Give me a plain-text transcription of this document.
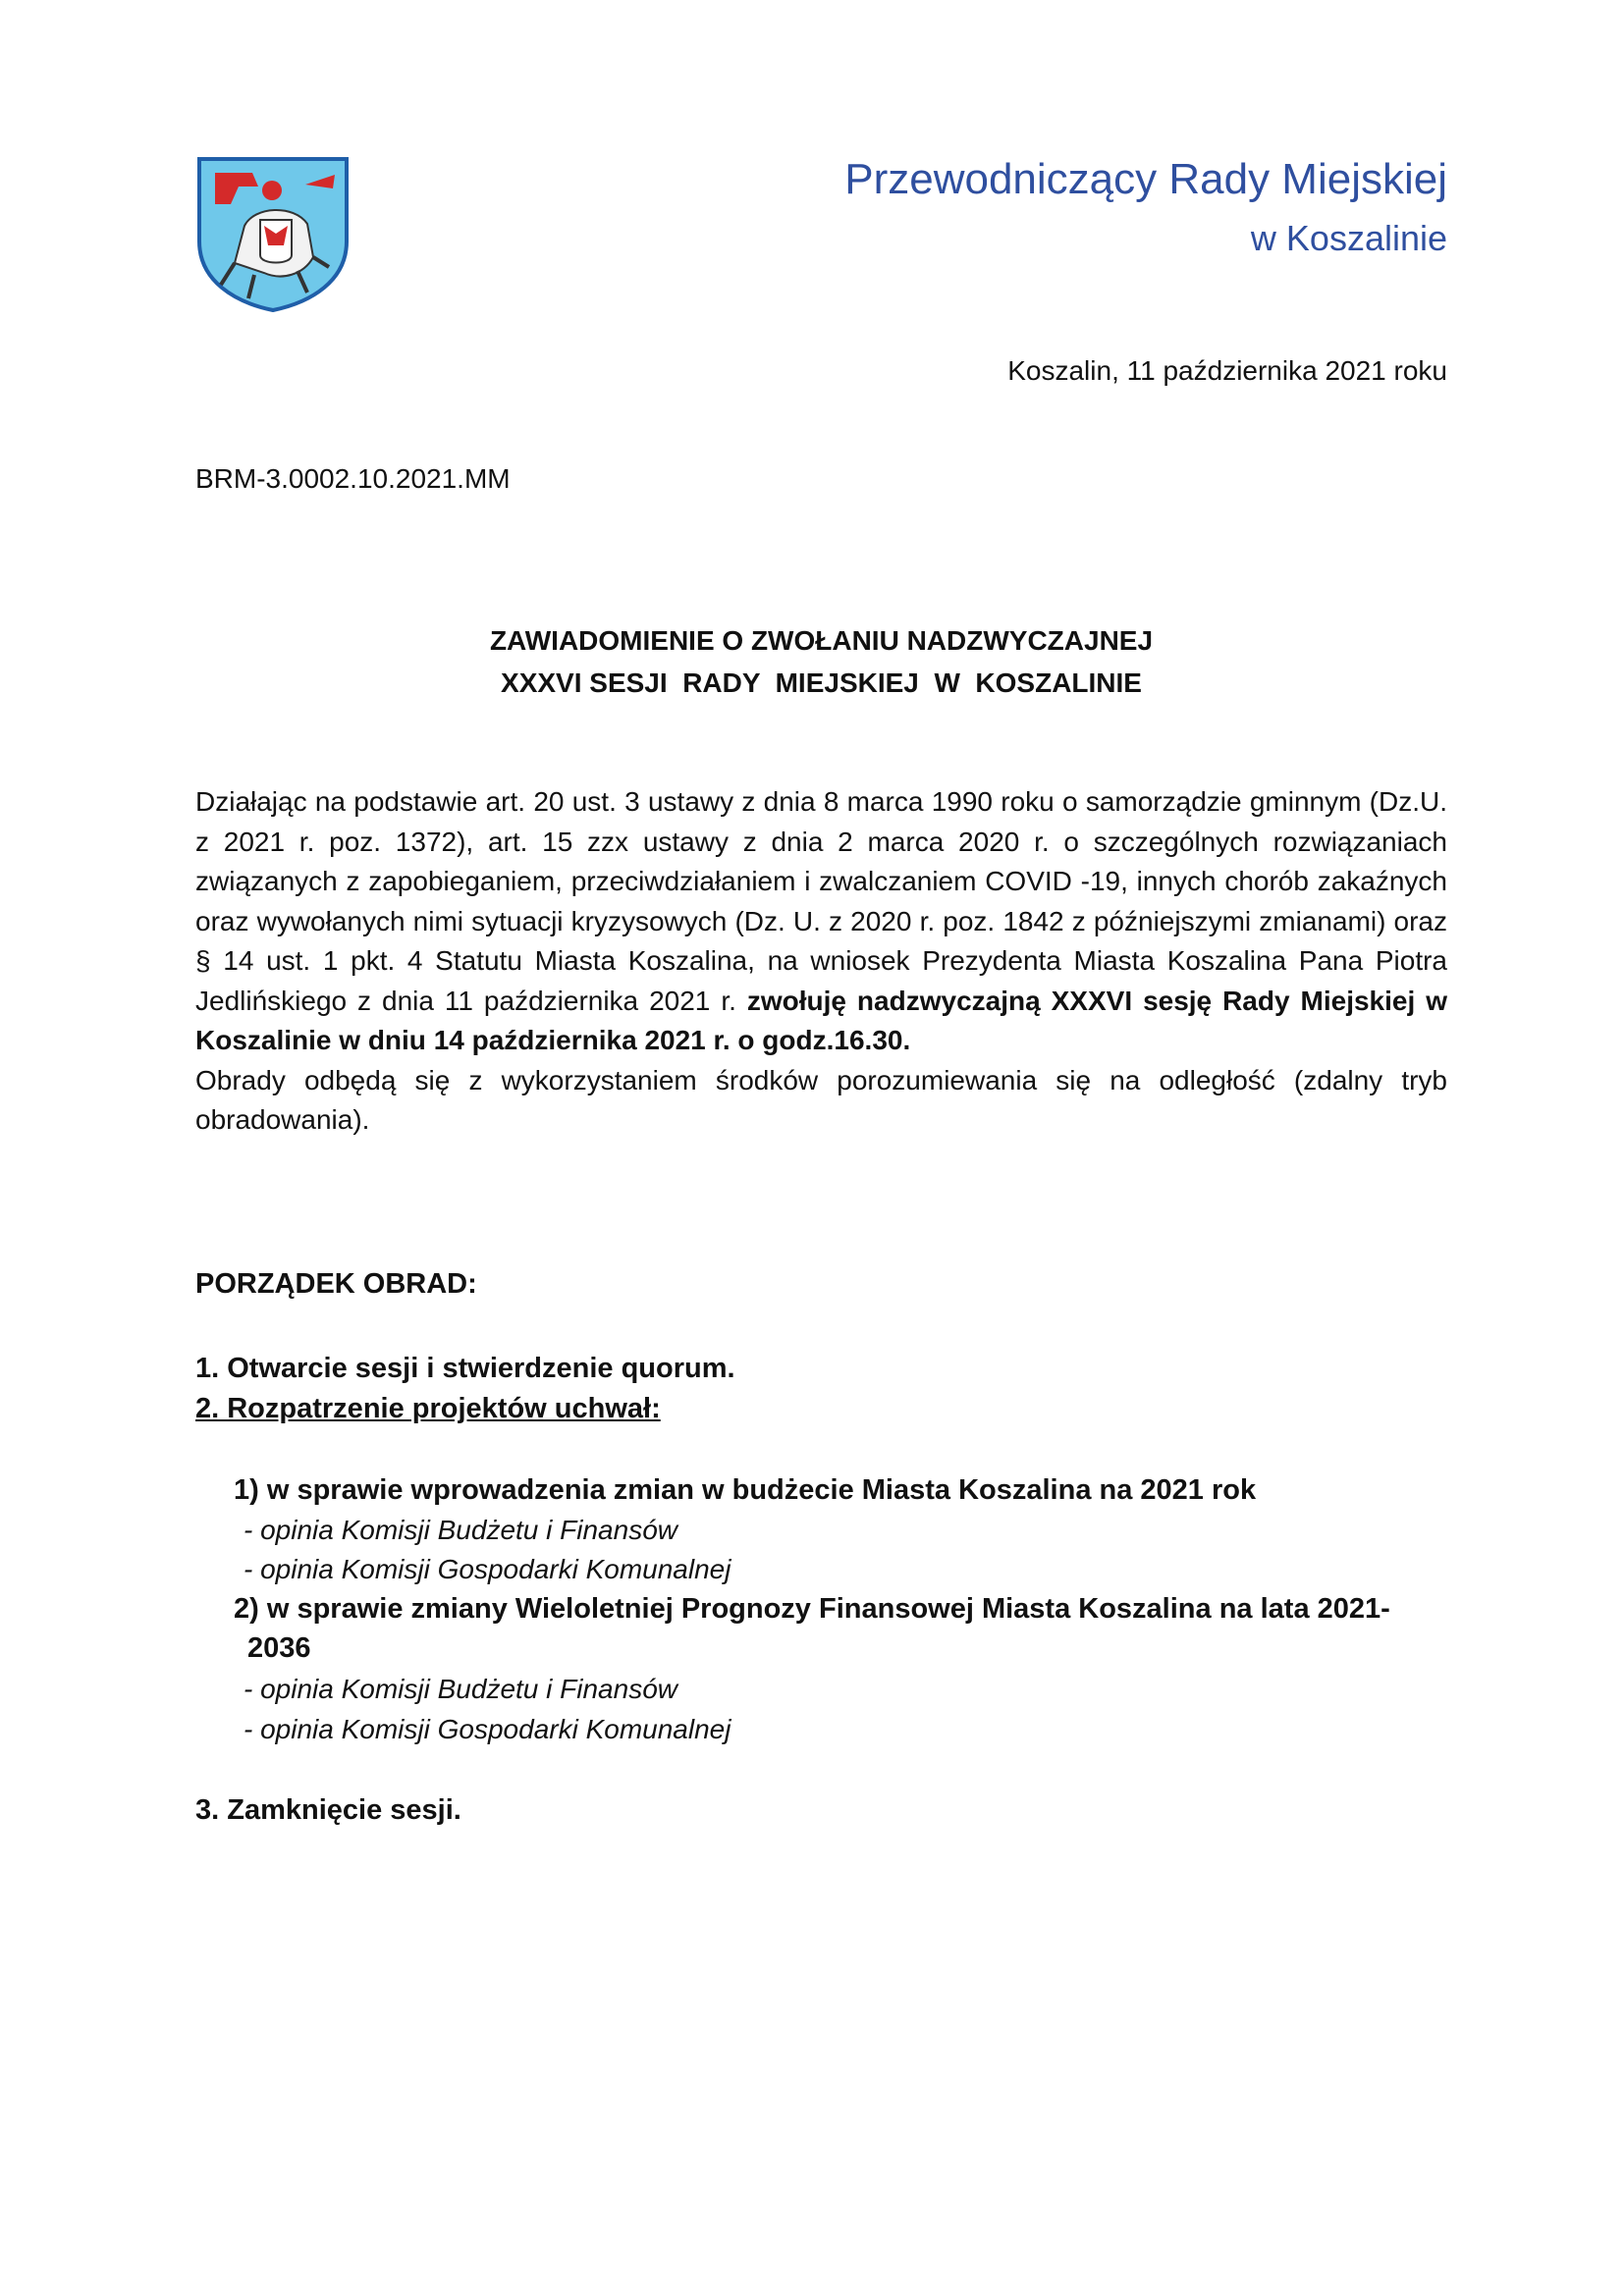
Przewodniczący Rady Miejskiej
w Koszalinie
Koszalin, 11 października 2021 roku
BRM-3.0002.10.2021.MM
ZAWIADOMIENIE O ZWOŁANIU NADZWYCZAJNEJ
XXXVI SESJI  RADY  MIEJSKIEJ  W  KOSZALINIE

Działając na podstawie art. 20 ust. 3 ustawy z dnia 8 marca 1990 roku o samorządzie gminnym (Dz.U. z 2021 r. poz. 1372), art. 15 zzx ustawy z dnia 2 marca 2020 r. o szczególnych rozwiązaniach związanych z zapobieganiem, przeciwdziałaniem i zwalczaniem COVID -19, innych chorób zakaźnych oraz wywołanych nimi sytuacji kryzysowych (Dz. U. z 2020 r. poz. 1842 z późniejszymi zmianami) oraz § 14 ust. 1 pkt. 4 Statutu Miasta Koszalina, na wniosek Prezydenta Miasta Koszalina Pana Piotra Jedlińskiego z dnia 11 października 2021 r. zwołuję nadzwyczajną XXXVI sesję Rady Miejskiej w Koszalinie w dniu 14 października 2021 r. o godz.16.30.

Obrady odbędą się z wykorzystaniem środków porozumiewania się na odległość (zdalny tryb obradowania).

PORZĄDEK OBRAD:
1. Otwarcie sesji i stwierdzenie quorum.
2. Rozpatrzenie projektów uchwał:
1) w sprawie wprowadzenia zmian w budżecie Miasta Koszalina na 2021 rok
- opinia Komisji Budżetu i Finansów
- opinia Komisji Gospodarki Komunalnej
2) w sprawie zmiany Wieloletniej Prognozy Finansowej Miasta Koszalina na lata 2021-
2036
- opinia Komisji Budżetu i Finansów
- opinia Komisji Gospodarki Komunalnej
3. Zamknięcie sesji.
